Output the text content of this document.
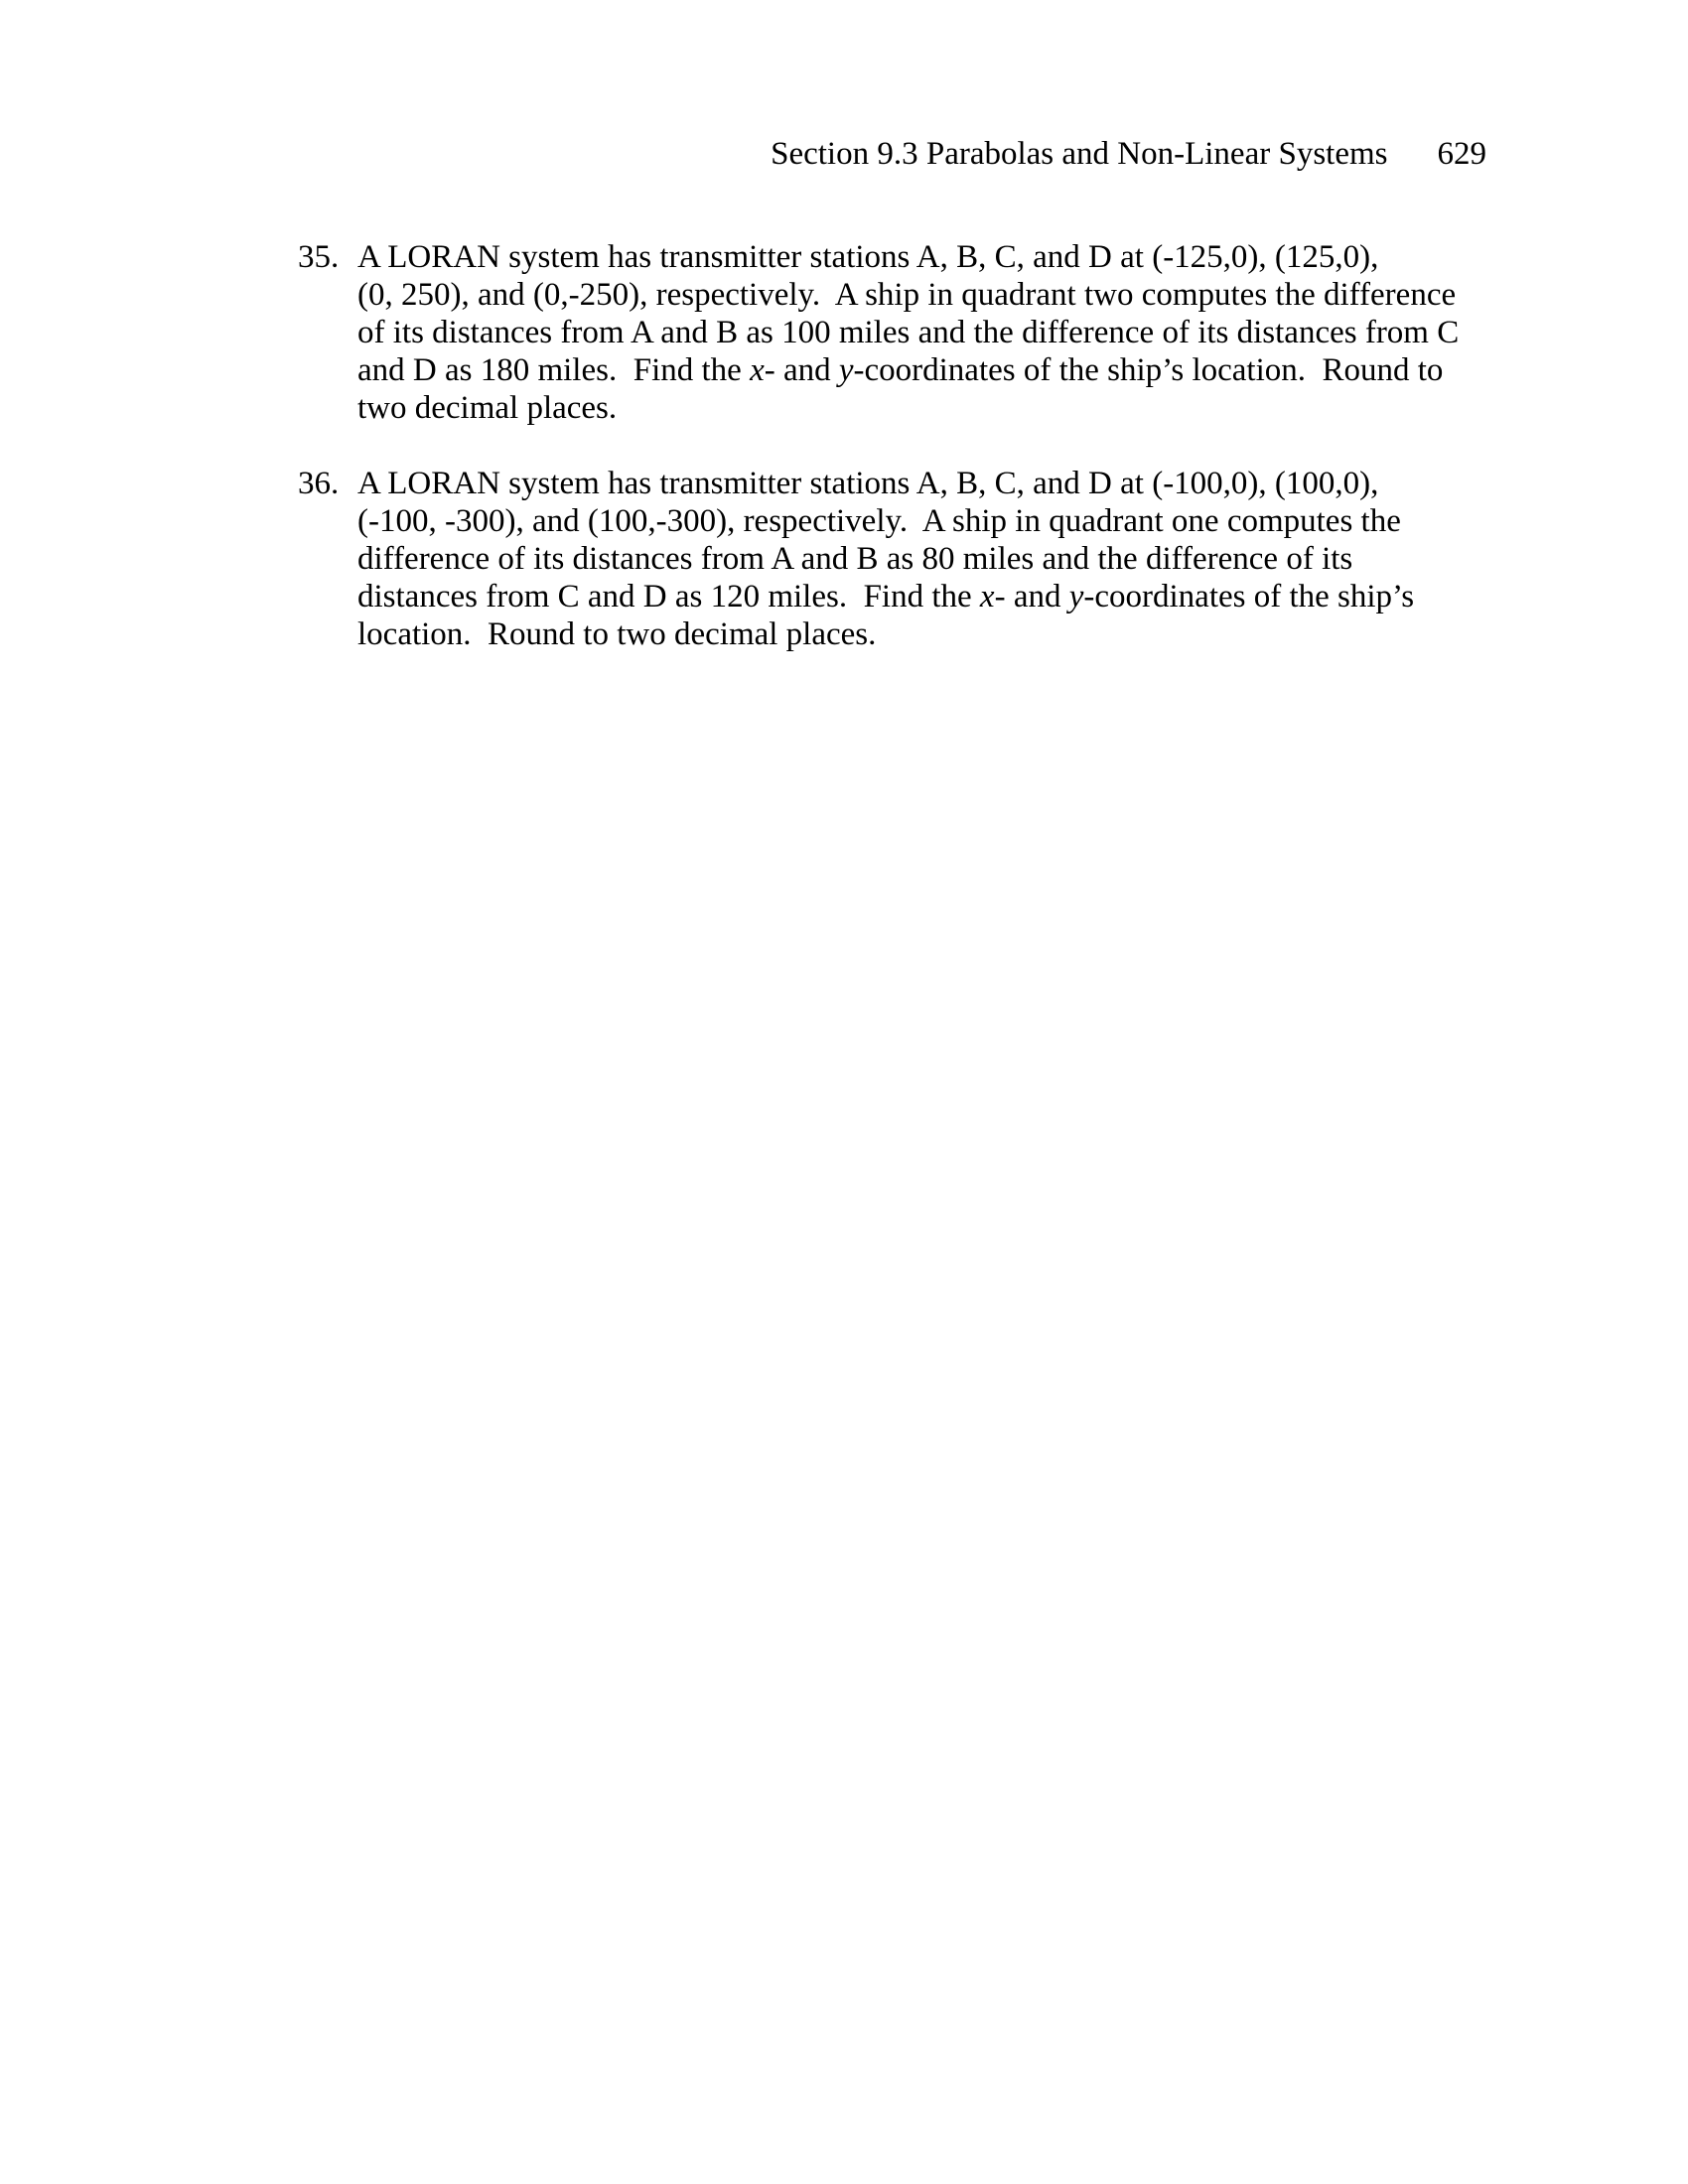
Section 9.3 Parabolas and Non-Linear Systems 629

35. A LORAN system has transmitter stations A, B, C, and D at (-125,0), (125,0),
(0, 250), and (0,-250), respectively.  A ship in quadrant two computes the difference
of its distances from A and B as 100 miles and the difference of its distances from C
and D as 180 miles.  Find the x- and y-coordinates of the ship’s location.  Round to
two decimal places.
36. A LORAN system has transmitter stations A, B, C, and D at (-100,0), (100,0),
(-100, -300), and (100,-300), respectively.  A ship in quadrant one computes the
difference of its distances from A and B as 80 miles and the difference of its
distances from C and D as 120 miles.  Find the x- and y-coordinates of the ship’s
location.  Round to two decimal places.
